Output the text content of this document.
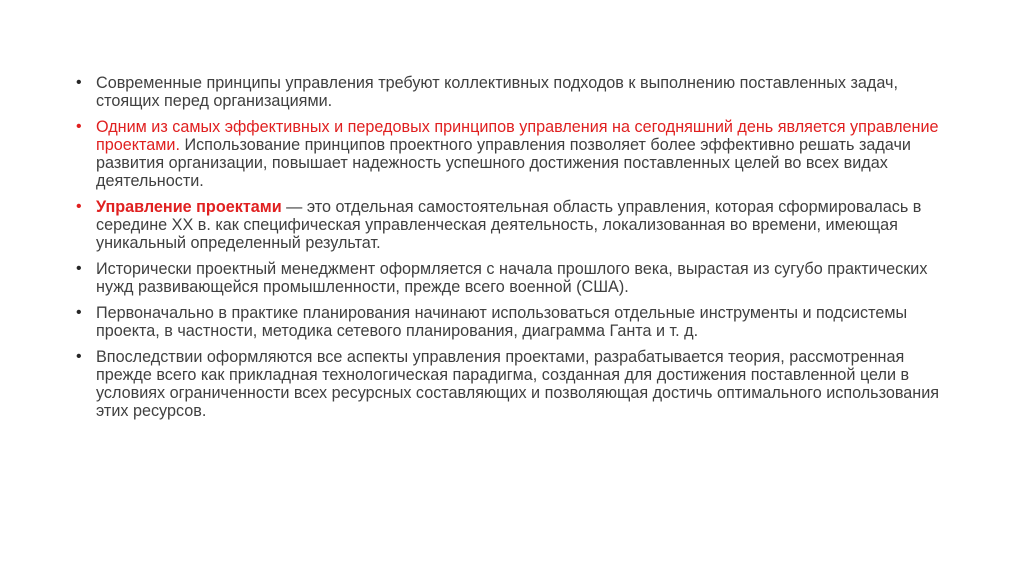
• Современные принципы управления требуют коллективных подходов к выполнению поставленных задач, стоящих перед организациями.
• Одним из самых эффективных и передовых принципов управления на сегодняшний день является управление проектами. Использование принципов проектного управления позволяет более эффективно решать задачи развития организации, повышает надежность успешного достижения поставленных целей во всех видах деятельности.
• Управление проектами — это отдельная самостоятельная область управления, которая сформировалась в середине XX в. как специфическая управленческая деятельность, локализованная во времени, имеющая уникальный определенный результат.
• Исторически проектный менеджмент оформляется с начала прошлого века, вырастая из сугубо практических нужд развивающейся промышленности, прежде всего военной (США).
• Первоначально в практике планирования начинают использоваться отдельные инструменты и подсистемы проекта, в частности, методика сетевого планирования, диаграмма Ганта и т. д.
• Впоследствии оформляются все аспекты управления проектами, разрабатывается теория, рассмотренная прежде всего как прикладная технологическая парадигма, созданная для достижения поставленной цели в условиях ограниченности всех ресурсных составляющих и позволяющая достичь оптимального использования этих ресурсов.
